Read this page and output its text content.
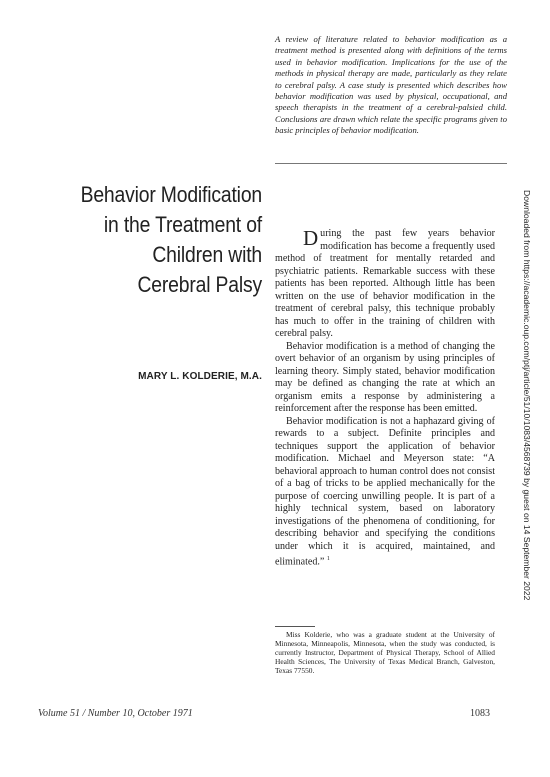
A review of literature related to behavior modification as a treatment method is presented along with definitions of the terms used in behavior modification. Implications for the use of the methods in physical therapy are made, particularly as they relate to cerebral palsy. A case study is presented which describes how behavior modification was used by physical, occupational, and speech therapists in the treatment of a cerebral-palsied child. Conclusions are drawn which relate the specific programs given to basic principles of behavior modification.
Behavior Modification
in the Treatment of
Children with
Cerebral Palsy
MARY L. KOLDERIE, M.A.

During the past few years behavior modification has become a frequently used method of treatment for mentally retarded and psychiatric patients. Remarkable success with these patients has been reported. Although little has been written on the use of behavior modification in the treatment of cerebral palsy, this technique probably has much to offer in the training of children with cerebral palsy.

Behavior modification is a method of changing the overt behavior of an organism by using principles of learning theory. Simply stated, behavior modification may be defined as changing the rate at which an organism emits a response by administering a reinforcement after the response has been emitted.

Behavior modification is not a haphazard giving of rewards to a subject. Definite principles and techniques support the application of behavior modification. Michael and Meyerson state: “A behavioral approach to human control does not consist of a bag of tricks to be applied mechanically for the purpose of coercing unwilling people. It is part of a highly technical system, based on laboratory investigations of the phenomena of conditioning, for describing behavior and specifying the conditions under which it is acquired, maintained, and eliminated.” $^1$

Miss Kolderie, who was a graduate student at the University of Minnesota, Minneapolis, Minnesota, when the study was conducted, is currently Instructor, Department of Physical Therapy, School of Allied Health Sciences, The University of Texas Medical Branch, Galveston, Texas 77550.

Volume 51 / Number 10, October 1971	1083
Downloaded from https://academic.oup.com/ptj/article/51/10/1083/4568739 by guest on 14 September 2022
